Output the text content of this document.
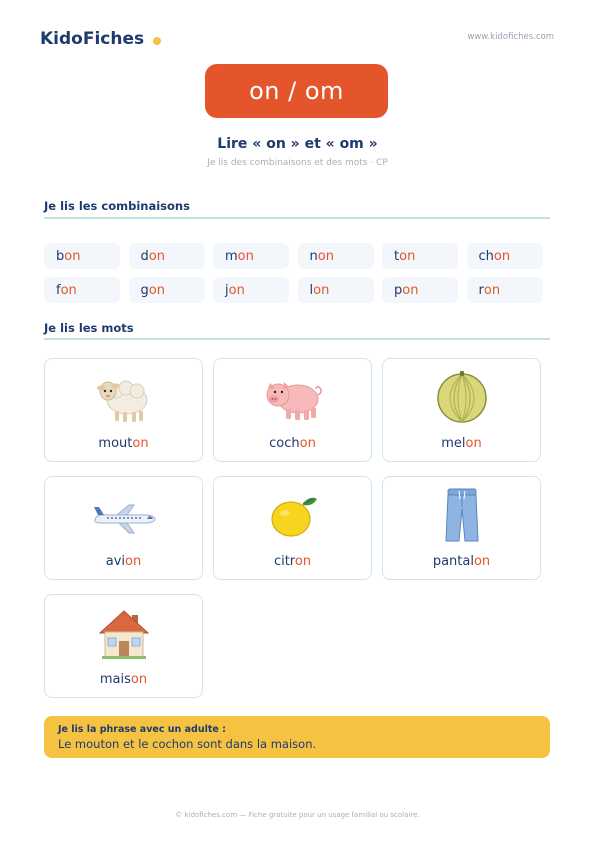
KidoFiches	www.kidofiches.com
on / om
Lire « on » et « om »
Je lis des combinaisons et des mots · CP
Je lis les combinaisons
b on	d on	m on	n on	t on	ch on
f on	g on	j on	l on	p on	r on
Je lis les mots
mouton	cochon	melon
avion	citron	pantalon
maison
Je lis la phrase avec un adulte :
Le mouton et le cochon sont dans la maison.
© kidofiches.com — Fiche gratuite pour un usage familial ou scolaire.
